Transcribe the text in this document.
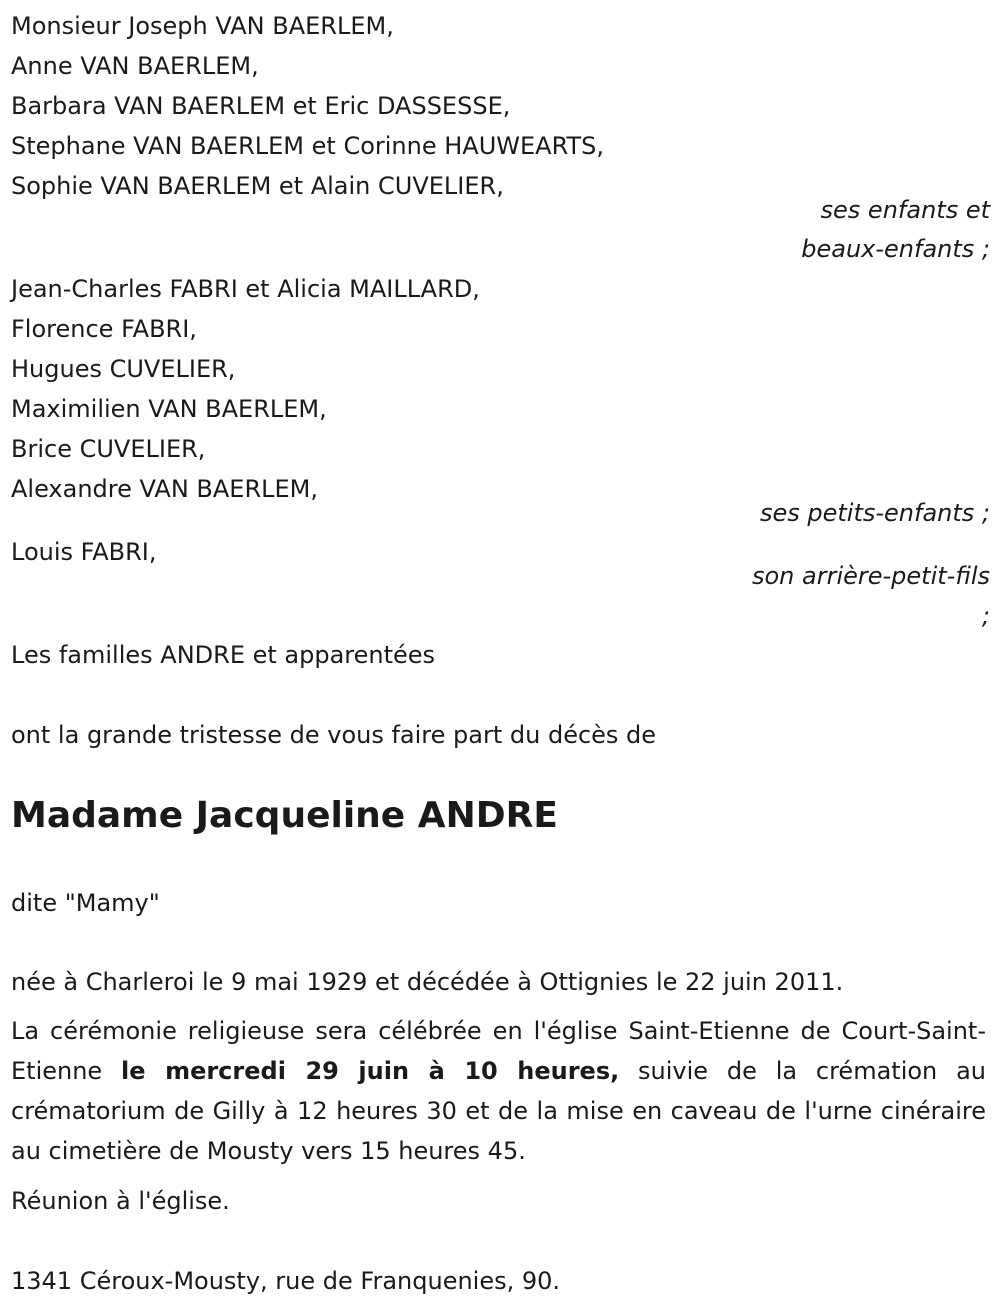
Monsieur Joseph VAN BAERLEM,
Anne VAN BAERLEM,
Barbara VAN BAERLEM et Eric DASSESSE,
Stephane VAN BAERLEM et Corinne HAUWEARTS,
Sophie VAN BAERLEM et Alain CUVELIER,
ses enfants et
beaux-enfants ;
Jean-Charles FABRI et Alicia MAILLARD,
Florence FABRI,
Hugues CUVELIER,
Maximilien VAN BAERLEM,
Brice CUVELIER,
Alexandre VAN BAERLEM,
ses petits-enfants ;
Louis FABRI,
son arrière-petit-fils
;
Les familles ANDRE et apparentées
ont la grande tristesse de vous faire part du décès de
Madame Jacqueline ANDRE
dite "Mamy"
née à Charleroi le 9 mai 1929 et décédée à Ottignies le 22 juin 2011.
La cérémonie religieuse sera célébrée en l'église Saint-Etienne de Court-Saint-Etienne le mercredi 29 juin à 10 heures, suivie de la crémation au crématorium de Gilly à 12 heures 30 et de la mise en caveau de l'urne cinéraire au cimetière de Mousty vers 15 heures 45.
Réunion à l'église.
1341 Céroux-Mousty, rue de Franquenies, 90.
